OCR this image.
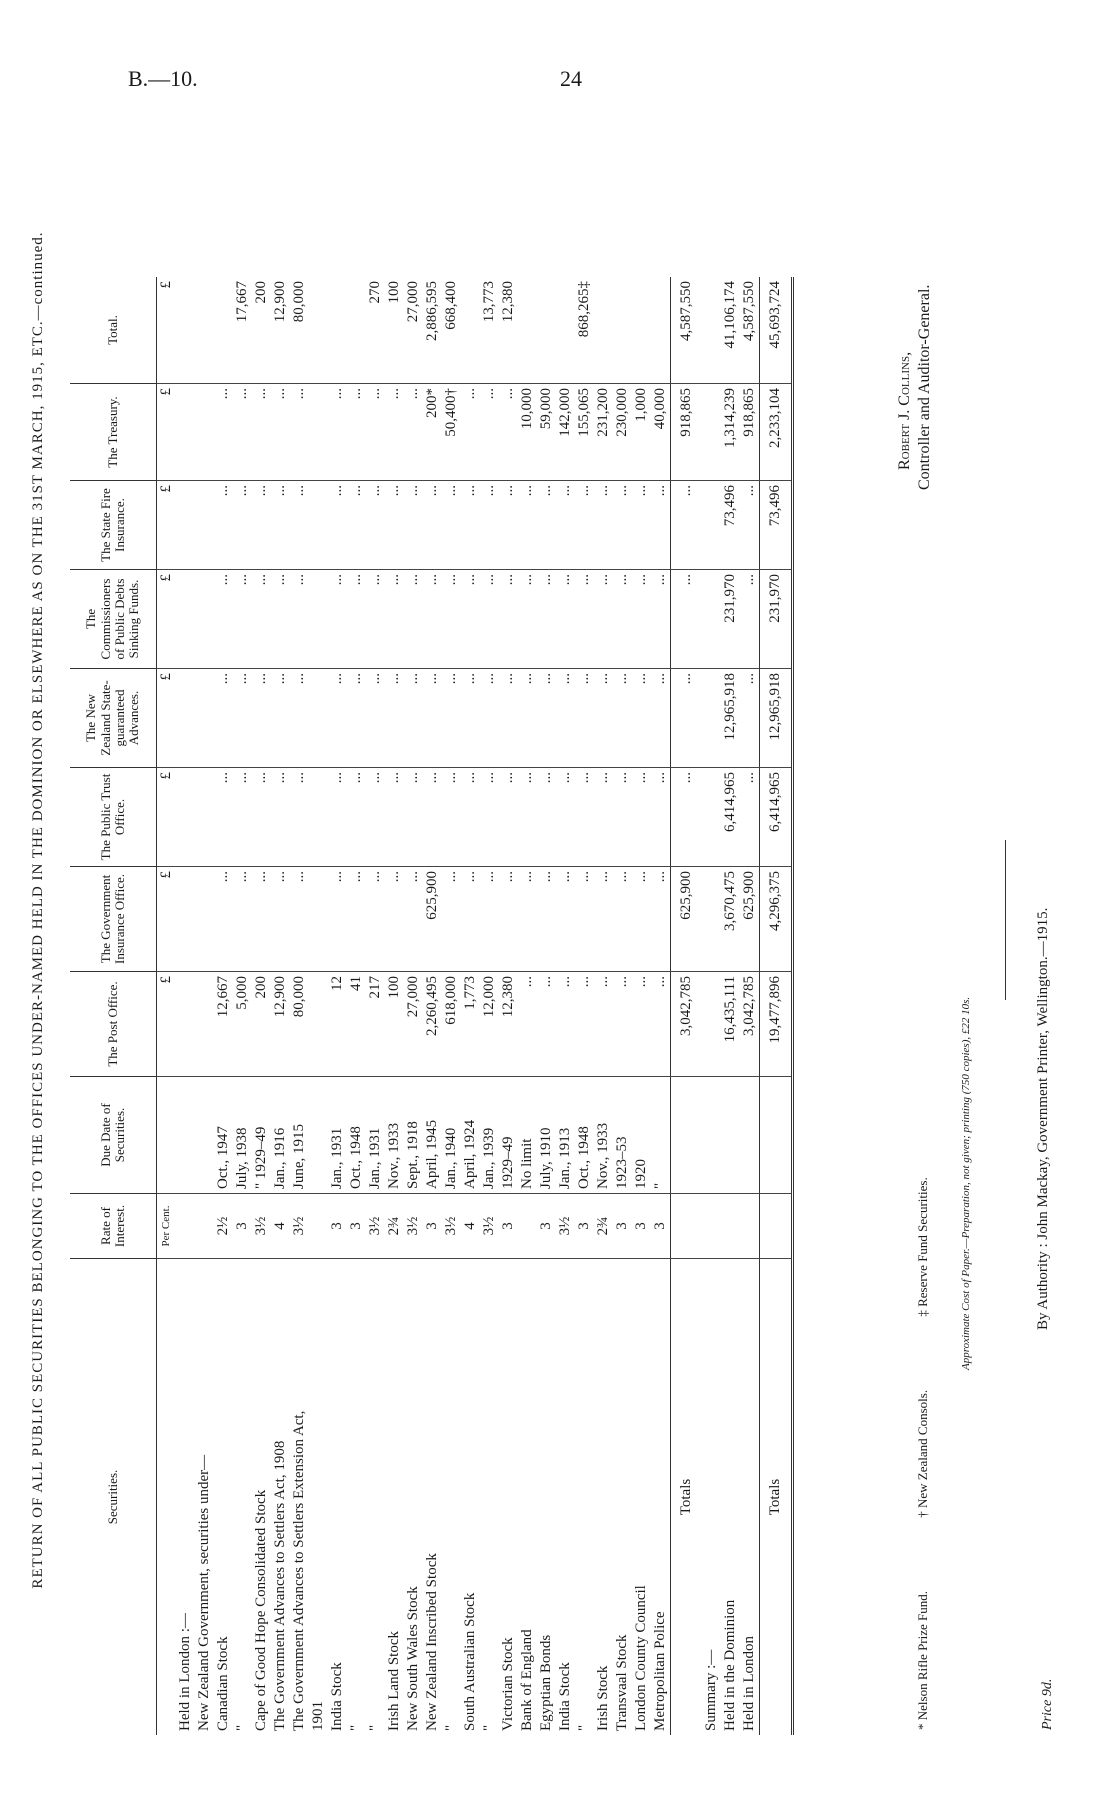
B.—10.	24
RETURN OF ALL PUBLIC SECURITIES BELONGING TO THE OFFICES UNDER-NAMED HELD IN THE DOMINION OR ELSEWHERE AS ON THE 31ST MARCH, 1915, ETC.—continued.	Securities.	Rate of Interest.	Due Date of Securities.	The Post Office.	The Government Insurance Office.	The Public Trust Office.	The New Zealand State-guaranteed Advances.	The Commissioners of Public Debts Sinking Funds.	The State Fire Insurance.	The Treasury.	Total.
	Per Cent.		£	£	£	£	£	£	£	£
Held in London :—										
New Zealand Government, securities under—										
Canadian Stock	2½	Oct., 1947	12,667	...	...	...	...	...	...	
"	3	July, 1938	5,000	...	...	...	...	...	...	17,667
Cape of Good Hope Consolidated Stock	3½	" 1929–49	200	...	...	...	...	...	...	200
The Government Advances to Settlers Act, 1908	4	Jan., 1916	12,900	...	...	...	...	...	...	12,900
The Government Advances to Settlers Extension Act,	3½	June, 1915	80,000	...	...	...	...	...	...	80,000
1901										
India Stock	3	Jan., 1931	12	...	...	...	...	...	...	
"	3	Oct., 1948	41	...	...	...	...	...	...	
"	3½	Jan., 1931	217	...	...	...	...	...	...	270
Irish Land Stock	2¾	Nov., 1933	100	...	...	...	...	...	...	100
New South Wales Stock	3½	Sept., 1918	27,000	...	...	...	...	...	...	27,000
New Zealand Inscribed Stock	3	April, 1945	2,260,495	625,900	...	...	...	...	200*	2,886,595
"	3½	Jan., 1940	618,000	...	...	...	...	...	50,400†	668,400
South Australian Stock	4	April, 1924	1,773	...	...	...	...	...	...	
"	3½	Jan., 1939	12,000	...	...	...	...	...	...	13,773
Victorian Stock	3	1929–49	12,380	...	...	...	...	...	...	12,380
Bank of England		No limit	...	...	...	...	...	...	10,000	
Egyptian Bonds	3	July, 1910	...	...	...	...	...	...	59,000	
India Stock	3½	Jan., 1913	...	...	...	...	...	...	142,000	
"	3	Oct., 1948	...	...	...	...	...	...	155,065	868,265‡
Irish Stock	2¾	Nov., 1933	...	...	...	...	...	...	231,200	
Transvaal Stock	3	1923–53	...	...	...	...	...	...	230,000	
London County Council	3	1920	...	...	...	...	...	...	1,000	
Metropolitan Police	3	"	...	...	...	...	...	...	40,000	
Totals			3,042,785	625,900	...	...	...	...	918,865	4,587,550
Summary :—										
Held in the Dominion			16,435,111	3,670,475	6,414,965	12,965,918	231,970	73,496	1,314,239	41,106,174
Held in London			3,042,785	625,900	...	...	...	...	918,865	4,587,550
Totals			19,477,896	4,296,375	6,414,965	12,965,918	231,970	73,496	2,233,104	45,693,724
* Nelson Rifle Prize Fund. † New Zealand Consols. ‡ Reserve Fund Securities.
Robert J. Collins, Controller and Auditor-General.
Approximate Cost of Paper.—Preparation, not given; printing (750 copies), £22 10s.	By Authority : John Mackay, Government Printer, Wellington.—1915.
Price 9d.
